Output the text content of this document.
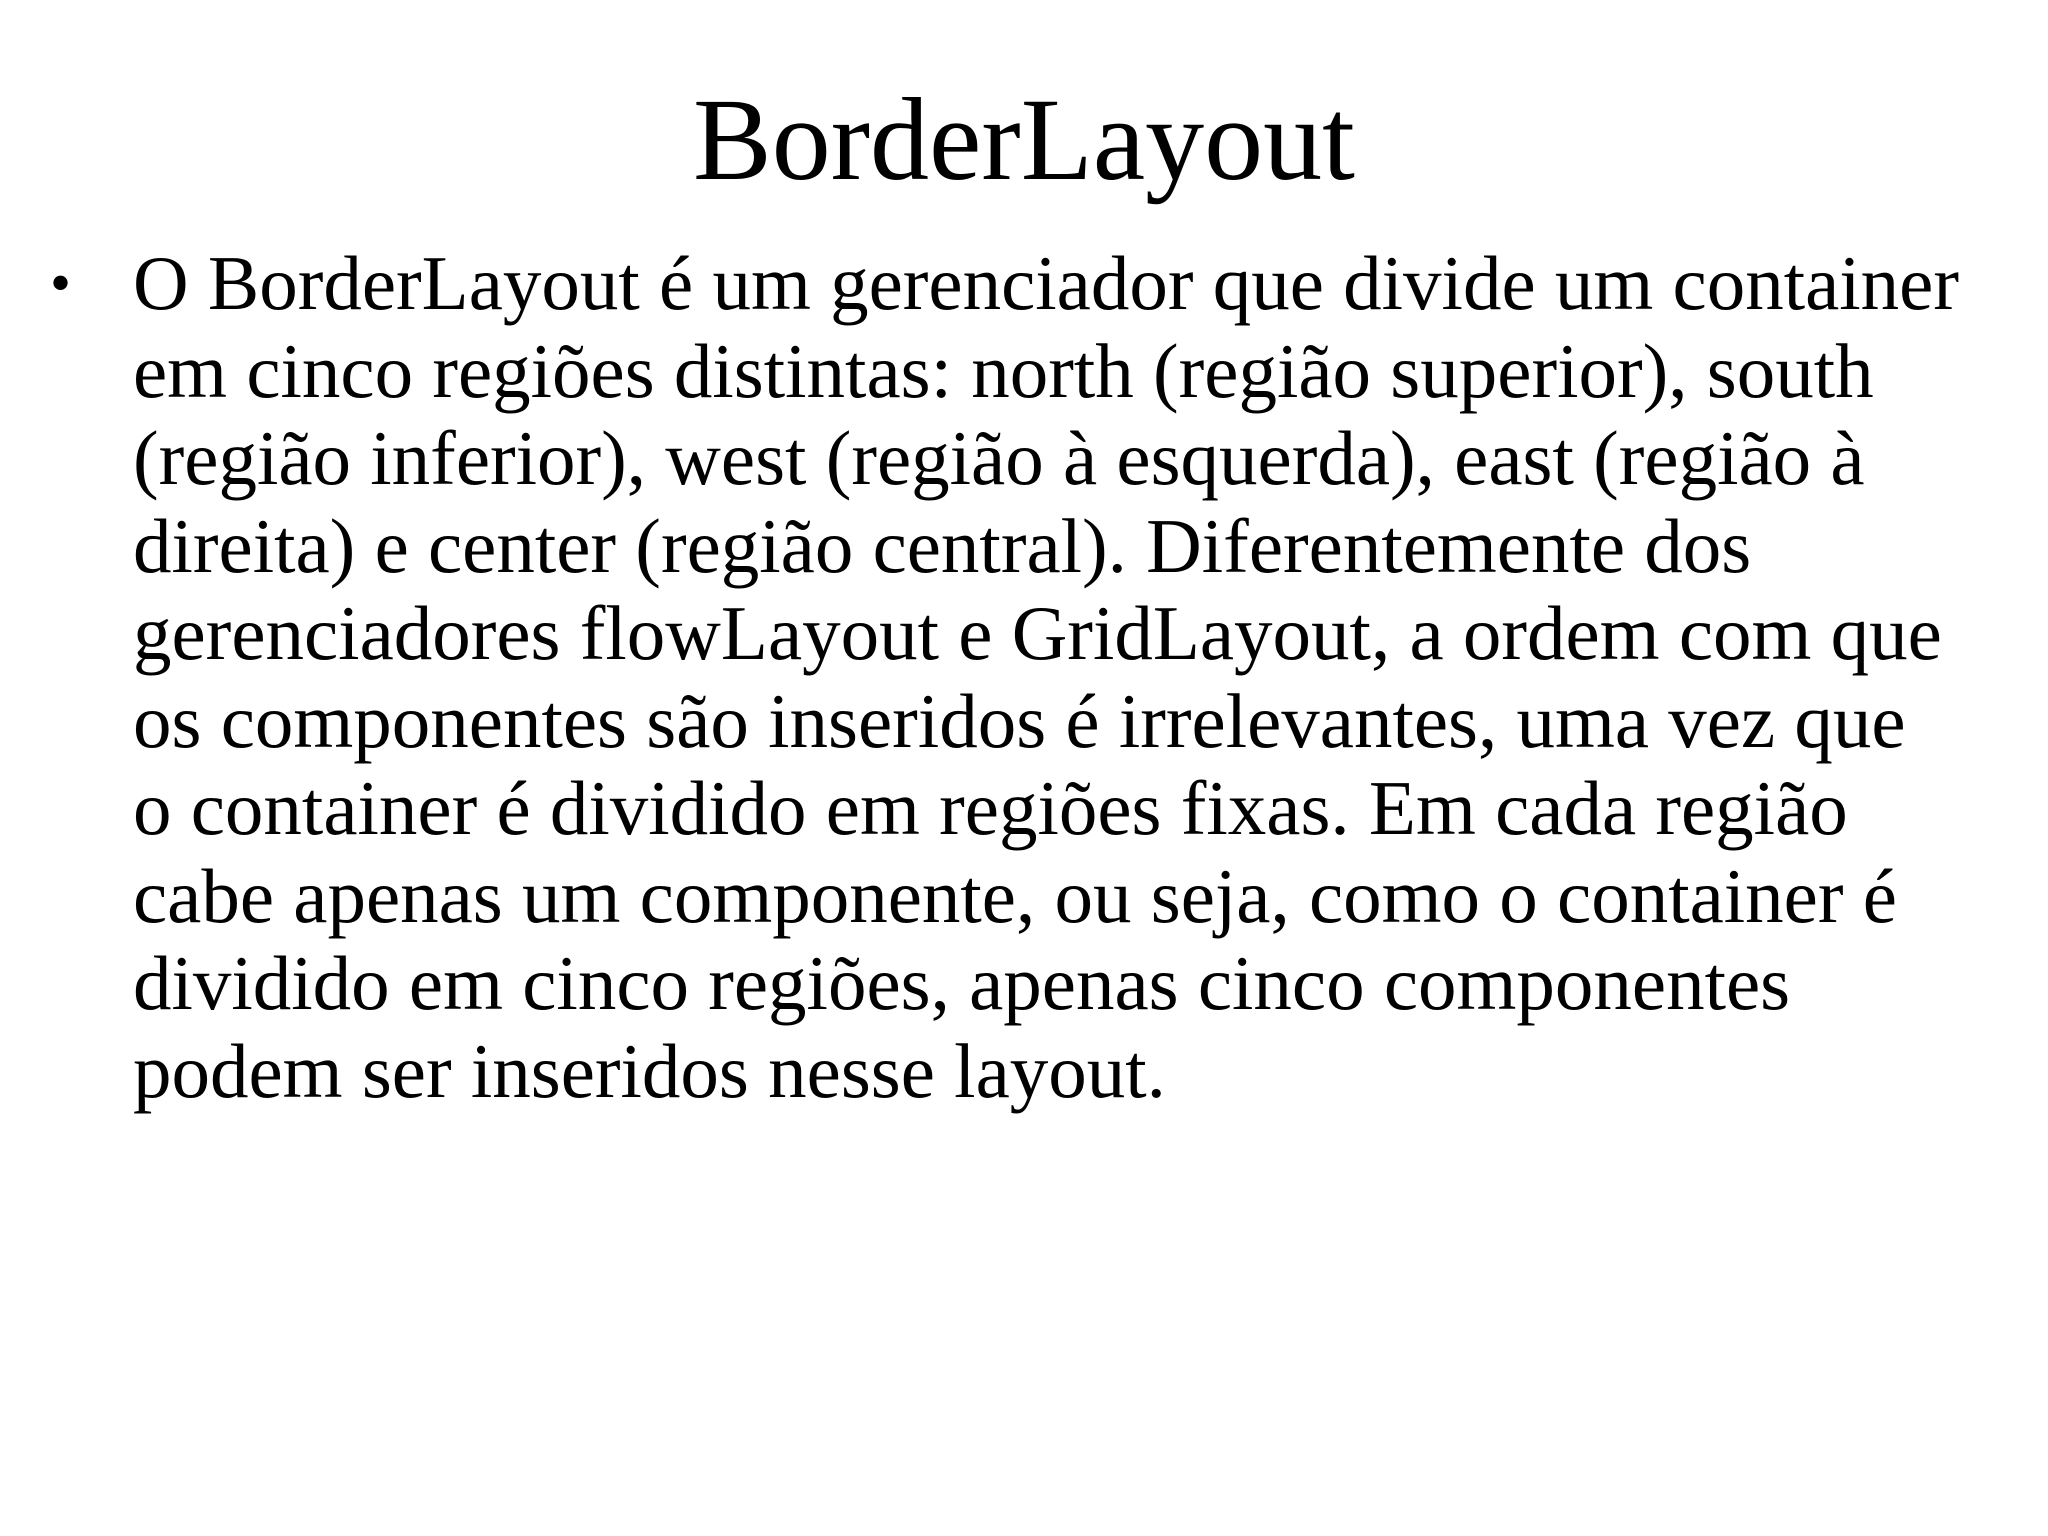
BorderLayout
• O BorderLayout é um gerenciador que divide um container
em cinco regiões distintas: north (região superior), south
(região inferior), west (região à esquerda), east (região à
direita) e center (região central). Diferentemente dos
gerenciadores flowLayout e GridLayout, a ordem com que
os componentes são inseridos é irrelevantes, uma vez que
o container é dividido em regiões fixas. Em cada região
cabe apenas um componente, ou seja, como o container é
dividido em cinco regiões, apenas cinco componentes
podem ser inseridos nesse layout.
